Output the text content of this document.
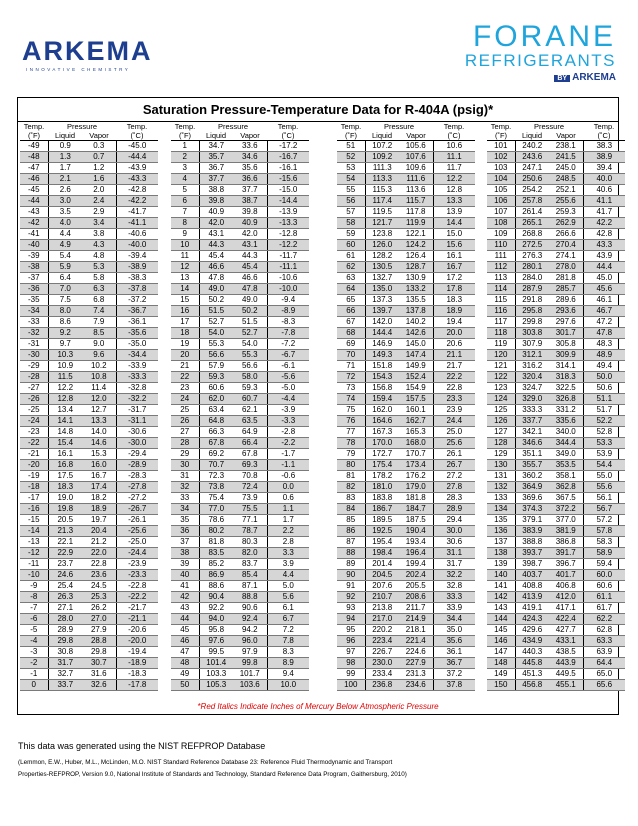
ARKEMA
INNOVATIVE CHEMISTRY
FORANE
REFRIGERANTS
BY ARKEMA
Saturation Pressure-Temperature Data for R-404A (psig)*
Temp.	Pressure		Temp.
(˚F)	Liquid	Vapor	(˚C)
-49	0.9	0.3	-45.0
-48	1.3	0.7	-44.4
-47	1.7	1.2	-43.9
-46	2.1	1.6	-43.3
-45	2.6	2.0	-42.8
-44	3.0	2.4	-42.2
-43	3.5	2.9	-41.7
-42	4.0	3.4	-41.1
-41	4.4	3.8	-40.6
-40	4.9	4.3	-40.0
-39	5.4	4.8	-39.4
-38	5.9	5.3	-38.9
-37	6.4	5.8	-38.3
-36	7.0	6.3	-37.8
-35	7.5	6.8	-37.2
-34	8.0	7.4	-36.7
-33	8.6	7.9	-36.1
-32	9.2	8.5	-35.6
-31	9.7	9.0	-35.0
-30	10.3	9.6	-34.4
-29	10.9	10.2	-33.9
-28	11.5	10.8	-33.3
-27	12.2	11.4	-32.8
-26	12.8	12.0	-32.2
-25	13.4	12.7	-31.7
-24	14.1	13.3	-31.1
-23	14.8	14.0	-30.6
-22	15.4	14.6	-30.0
-21	16.1	15.3	-29.4
-20	16.8	16.0	-28.9
-19	17.5	16.7	-28.3
-18	18.3	17.4	-27.8
-17	19.0	18.2	-27.2
-16	19.8	18.9	-26.7
-15	20.5	19.7	-26.1
-14	21.3	20.4	-25.6
-13	22.1	21.2	-25.0
-12	22.9	22.0	-24.4
-11	23.7	22.8	-23.9
-10	24.6	23.6	-23.3
-9	25.4	24.5	-22.8
-8	26.3	25.3	-22.2
-7	27.1	26.2	-21.7
-6	28.0	27.0	-21.1
-5	28.9	27.9	-20.6
-4	29.8	28.8	-20.0
-3	30.8	29.8	-19.4
-2	31.7	30.7	-18.9
-1	32.7	31.6	-18.3
0	33.7	32.6	-17.8
Temp.	Pressure		Temp.
(˚F)	Liquid	Vapor	(˚C)
1	34.7	33.6	-17.2
2	35.7	34.6	-16.7
3	36.7	35.6	-16.1
4	37.7	36.6	-15.6
5	38.8	37.7	-15.0
6	39.8	38.7	-14.4
7	40.9	39.8	-13.9
8	42.0	40.9	-13.3
9	43.1	42.0	-12.8
10	44.3	43.1	-12.2
11	45.4	44.3	-11.7
12	46.6	45.4	-11.1
13	47.8	46.6	-10.6
14	49.0	47.8	-10.0
15	50.2	49.0	-9.4
16	51.5	50.2	-8.9
17	52.7	51.5	-8.3
18	54.0	52.7	-7.8
19	55.3	54.0	-7.2
20	56.6	55.3	-6.7
21	57.9	56.6	-6.1
22	59.3	58.0	-5.6
23	60.6	59.3	-5.0
24	62.0	60.7	-4.4
25	63.4	62.1	-3.9
26	64.8	63.5	-3.3
27	66.3	64.9	-2.8
28	67.8	66.4	-2.2
29	69.2	67.8	-1.7
30	70.7	69.3	-1.1
31	72.3	70.8	-0.6
32	73.8	72.4	0.0
33	75.4	73.9	0.6
34	77.0	75.5	1.1
35	78.6	77.1	1.7
36	80.2	78.7	2.2
37	81.8	80.3	2.8
38	83.5	82.0	3.3
39	85.2	83.7	3.9
40	86.9	85.4	4.4
41	88.6	87.1	5.0
42	90.4	88.8	5.6
43	92.2	90.6	6.1
44	94.0	92.4	6.7
45	95.8	94.2	7.2
46	97.6	96.0	7.8
47	99.5	97.9	8.3
48	101.4	99.8	8.9
49	103.3	101.7	9.4
50	105.3	103.6	10.0
Temp.	Pressure		Temp.
(˚F)	Liquid	Vapor	(˚C)
51	107.2	105.6	10.6
52	109.2	107.6	11.1
53	111.3	109.6	11.7
54	113.3	111.6	12.2
55	115.3	113.6	12.8
56	117.4	115.7	13.3
57	119.5	117.8	13.9
58	121.7	119.9	14.4
59	123.8	122.1	15.0
60	126.0	124.2	15.6
61	128.2	126.4	16.1
62	130.5	128.7	16.7
63	132.7	130.9	17.2
64	135.0	133.2	17.8
65	137.3	135.5	18.3
66	139.7	137.8	18.9
67	142.0	140.2	19.4
68	144.4	142.6	20.0
69	146.9	145.0	20.6
70	149.3	147.4	21.1
71	151.8	149.9	21.7
72	154.3	152.4	22.2
73	156.8	154.9	22.8
74	159.4	157.5	23.3
75	162.0	160.1	23.9
76	164.6	162.7	24.4
77	167.3	165.3	25.0
78	170.0	168.0	25.6
79	172.7	170.7	26.1
80	175.4	173.4	26.7
81	178.2	176.2	27.2
82	181.0	179.0	27.8
83	183.8	181.8	28.3
84	186.7	184.7	28.9
85	189.5	187.5	29.4
86	192.5	190.4	30.0
87	195.4	193.4	30.6
88	198.4	196.4	31.1
89	201.4	199.4	31.7
90	204.5	202.4	32.2
91	207.6	205.5	32.8
92	210.7	208.6	33.3
93	213.8	211.7	33.9
94	217.0	214.9	34.4
95	220.2	218.1	35.0
96	223.4	221.4	35.6
97	226.7	224.6	36.1
98	230.0	227.9	36.7
99	233.4	231.3	37.2
100	236.8	234.6	37.8
Temp.	Pressure		Temp.
(˚F)	Liquid	Vapor	(˚C)
101	240.2	238.1	38.3
102	243.6	241.5	38.9
103	247.1	245.0	39.4
104	250.6	248.5	40.0
105	254.2	252.1	40.6
106	257.8	255.6	41.1
107	261.4	259.3	41.7
108	265.1	262.9	42.2
109	268.8	266.6	42.8
110	272.5	270.4	43.3
111	276.3	274.1	43.9
112	280.1	278.0	44.4
113	284.0	281.8	45.0
114	287.9	285.7	45.6
115	291.8	289.6	46.1
116	295.8	293.6	46.7
117	299.8	297.6	47.2
118	303.8	301.7	47.8
119	307.9	305.8	48.3
120	312.1	309.9	48.9
121	316.2	314.1	49.4
122	320.4	318.3	50.0
123	324.7	322.5	50.6
124	329.0	326.8	51.1
125	333.3	331.2	51.7
126	337.7	335.6	52.2
127	342.1	340.0	52.8
128	346.6	344.4	53.3
129	351.1	349.0	53.9
130	355.7	353.5	54.4
131	360.2	358.1	55.0
132	364.9	362.8	55.6
133	369.6	367.5	56.1
134	374.3	372.2	56.7
135	379.1	377.0	57.2
136	383.9	381.9	57.8
137	388.8	386.8	58.3
138	393.7	391.7	58.9
139	398.7	396.7	59.4
140	403.7	401.7	60.0
141	408.8	406.8	60.6
142	413.9	412.0	61.1
143	419.1	417.1	61.7
144	424.3	422.4	62.2
145	429.6	427.7	62.8
146	434.9	433.1	63.3
147	440.3	438.5	63.9
148	445.8	443.9	64.4
149	451.3	449.5	65.0
150	456.8	455.1	65.6
*Red Italics Indicate Inches of Mercury Below Atmospheric Pressure
This data was generated using the NIST REFPROP Database
(Lemmon, E.W., Huber, M.L., McLinden, M.O. NIST Standard Reference Database 23: Reference Fluid Thermodynamic and Transport
Properties-REFPROP, Version 9.0, National Institute of Standards and Technology, Standard Reference Data Program, Gaithersburg, 2010)
